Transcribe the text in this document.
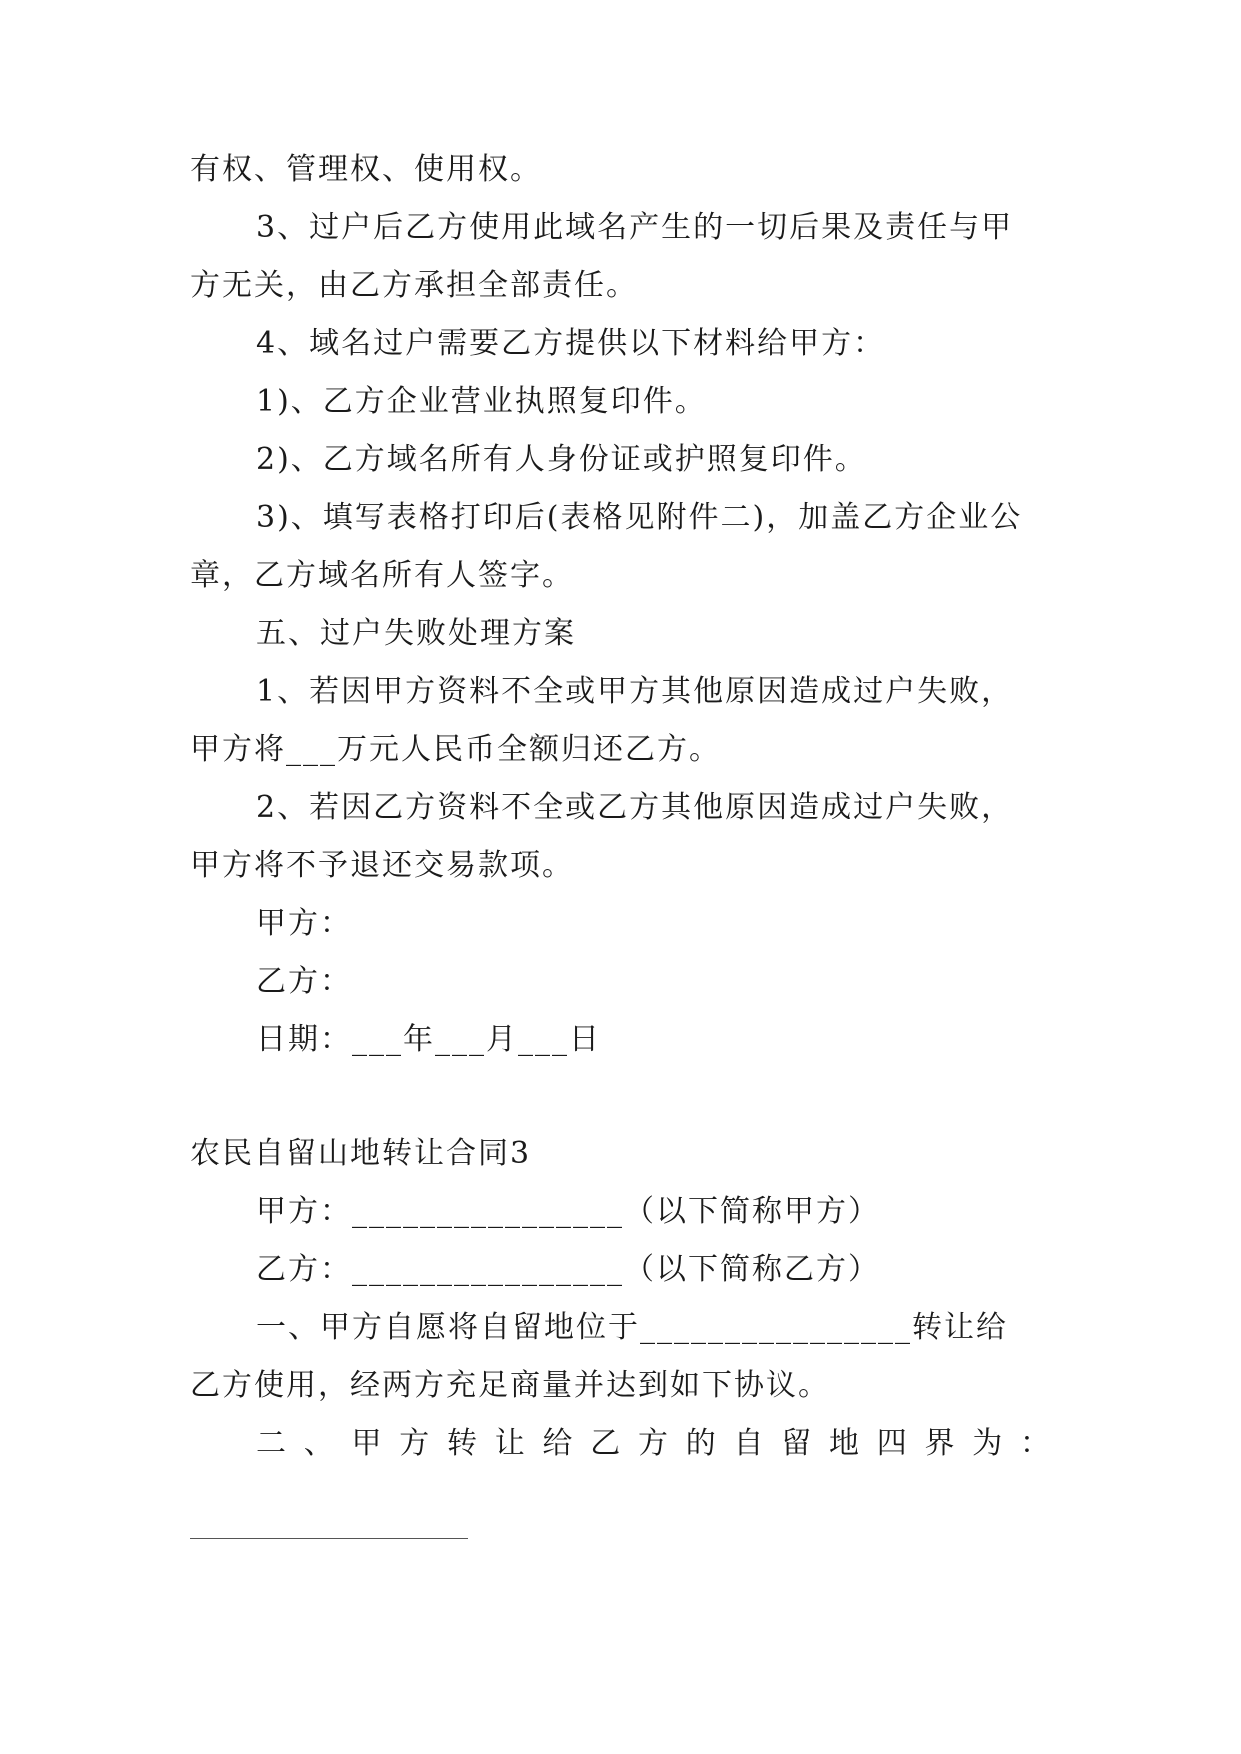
有权、管理权、使用权。
3、过户后乙方使用此域名产生的一切后果及责任与甲
方无关，由乙方承担全部责任。
4、域名过户需要乙方提供以下材料给甲方：
1)、乙方企业营业执照复印件。
2)、乙方域名所有人身份证或护照复印件。
3)、填写表格打印后(表格见附件二)，加盖乙方企业公
章，乙方域名所有人签字。
五、过户失败处理方案
1、若因甲方资料不全或甲方其他原因造成过户失败，
甲方将___万元人民币全额归还乙方。
2、若因乙方资料不全或乙方其他原因造成过户失败，
甲方将不予退还交易款项。
甲方：
乙方：
日期：___年___月___日
农民自留山地转让合同3
甲方：________________（以下简称甲方）
乙方：________________（以下简称乙方）
一、甲方自愿将自留地位于________________转让给
乙方使用，经两方充足商量并达到如下协议。
二 、 甲 方 转 让 给 乙 方 的 自 留 地 四 界 为 ：
